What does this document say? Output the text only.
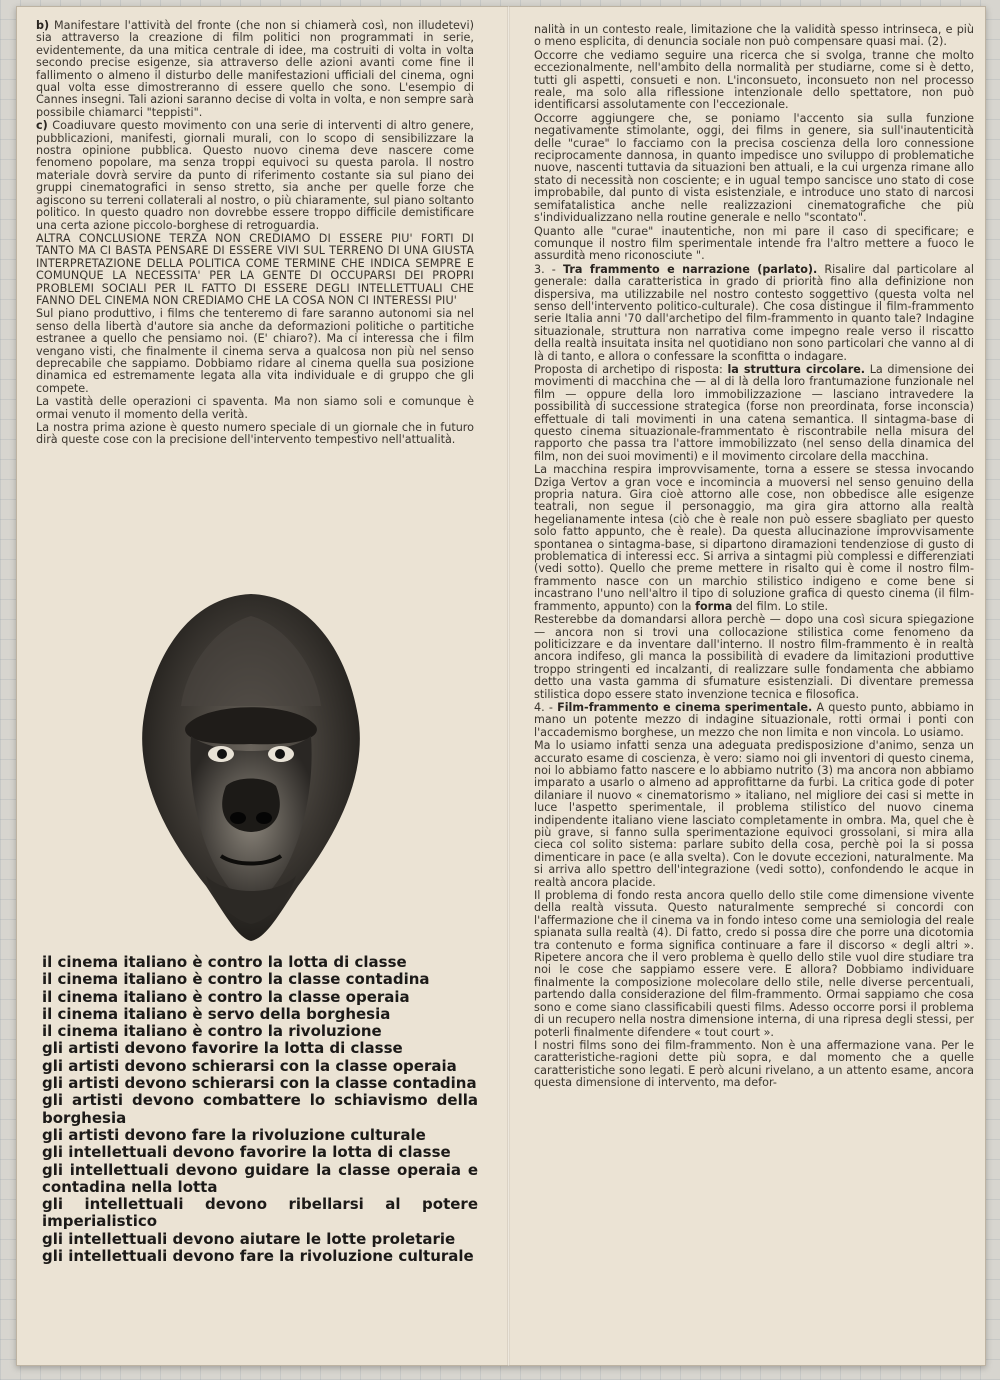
b) Manifestare l'attività del fronte (che non si chiamerà così, non illudetevi) sia attraverso la creazione di film politici non programmati in serie, evidentemente, da una mitica centrale di idee, ma costruiti di volta in volta secondo precise esigenze, sia attraverso delle azioni avanti come fine il fallimento o almeno il disturbo delle manifestazioni ufficiali del cinema, ogni qual volta esse dimostreranno di essere quello che sono. L'esempio di Cannes insegni. Tali azioni saranno decise di volta in volta, e non sempre sarà possibile chiamarci "teppisti".

c) Coadiuvare questo movimento con una serie di interventi di altro genere, pubblicazioni, manifesti, giornali murali, con lo scopo di sensibilizzare la nostra opinione pubblica. Questo nuovo cinema deve nascere come fenomeno popolare, ma senza troppi equivoci su questa parola. Il nostro materiale dovrà servire da punto di riferimento costante sia sul piano dei gruppi cinematografici in senso stretto, sia anche per quelle forze che agiscono su terreni collaterali al nostro, o più chiaramente, sul piano soltanto politico. In questo quadro non dovrebbe essere troppo difficile demistificare una certa azione piccolo-borghese di retroguardia.

ALTRA CONCLUSIONE TERZA NON CREDIAMO DI ESSERE PIU' FORTI DI TANTO MA CI BASTA PENSARE DI ESSERE VIVI SUL TERRENO DI UNA GIUSTA INTERPRETAZIONE DELLA POLITICA COME TERMINE CHE INDICA SEMPRE E COMUNQUE LA NECESSITA' PER LA GENTE DI OCCUPARSI DEI PROPRI PROBLEMI SOCIALI PER IL FATTO DI ESSERE DEGLI INTELLETTUALI CHE FANNO DEL CINEMA NON CREDIAMO CHE LA COSA NON CI INTERESSI PIU'

Sul piano produttivo, i films che tenteremo di fare saranno autonomi sia nel senso della libertà d'autore sia anche da deformazioni politiche o partitiche estranee a quello che pensiamo noi. (E' chiaro?). Ma ci interessa che i film vengano visti, che finalmente il cinema serva a qualcosa non più nel senso deprecabile che sappiamo. Dobbiamo ridare al cinema quella sua posizione dinamica ed estremamente legata alla vita individuale e di gruppo che gli compete.

La vastità delle operazioni ci spaventa. Ma non siamo soli e comunque è ormai venuto il momento della verità.

La nostra prima azione è questo numero speciale di un giornale che in futuro dirà queste cose con la precisione dell'intervento tempestivo nell'attualità.

il cinema italiano è contro la lotta di classe
il cinema italiano è contro la classe contadina
il cinema italiano è contro la classe operaia
il cinema italiano è servo della borghesia
il cinema italiano è contro la rivoluzione
gli artisti devono favorire la lotta di classe
gli artisti devono schierarsi con la classe operaia
gli artisti devono schierarsi con la classe contadina
gli artisti devono combattere lo schiavismo della borghesia
gli artisti devono fare la rivoluzione culturale
gli intellettuali devono favorire la lotta di classe
gli intellettuali devono guidare la classe operaia e contadina nella lotta
gli intellettuali devono ribellarsi al potere imperialistico
gli intellettuali devono aiutare le lotte proletarie
gli intellettuali devono fare la rivoluzione culturale

nalità in un contesto reale, limitazione che la validità spesso intrinseca, e più o meno esplicita, di denuncia sociale non può compensare quasi mai. (2).

Occorre che vediamo seguire una ricerca che si svolga, tranne che molto eccezionalmente, nell'ambito della normalità per studiarne, come si è detto, tutti gli aspetti, consueti e non. L'inconsueto, inconsueto non nel processo reale, ma solo alla riflessione intenzionale dello spettatore, non può identificarsi assolutamente con l'eccezionale.

Occorre aggiungere che, se poniamo l'accento sia sulla funzione negativamente stimolante, oggi, dei films in genere, sia sull'inautenticità delle "curae" lo facciamo con la precisa coscienza della loro connessione reciprocamente dannosa, in quanto impedisce uno sviluppo di problematiche nuove, nascenti tuttavia da situazioni ben attuali, e la cui urgenza rimane allo stato di necessità non cosciente; e in ugual tempo sancisce uno stato di cose improbabile, dal punto di vista esistenziale, e introduce uno stato di narcosi semifatalistica anche nelle realizzazioni cinematografiche che più s'individualizzano nella routine generale e nello "scontato".

Quanto alle "curae" inautentiche, non mi pare il caso di specificare; e comunque il nostro film sperimentale intende fra l'altro mettere a fuoco le assurdità meno riconosciute ".

3. - Tra frammento e narrazione (parlato). Risalire dal particolare al generale: dalla caratteristica in grado di priorità fino alla definizione non dispersiva, ma utilizzabile nel nostro contesto soggettivo (questa volta nel senso dell'intervento politico-culturale). Che cosa distingue il film-frammento serie Italia anni '70 dall'archetipo del film-frammento in quanto tale? Indagine situazionale, struttura non narrativa come impegno reale verso il riscatto della realtà insuitata insita nel quotidiano non sono particolari che vanno al di là di tanto, e allora o confessare la sconfitta o indagare.

Proposta di archetipo di risposta: la struttura circolare. La dimensione dei movimenti di macchina che — al di là della loro frantumazione funzionale nel film — oppure della loro immobilizzazione — lasciano intravedere la possibilità di successione strategica (forse non preordinata, forse inconscia) effettuale di tali movimenti in una catena semantica. Il sintagma-base di questo cinema situazionale-frammentato è riscontrabile nella misura del rapporto che passa tra l'attore immobilizzato (nel senso della dinamica del film, non dei suoi movimenti) e il movimento circolare della macchina.

La macchina respira improvvisamente, torna a essere se stessa invocando Dziga Vertov a gran voce e incomincia a muoversi nel senso genuino della propria natura. Gira cioè attorno alle cose, non obbedisce alle esigenze teatrali, non segue il personaggio, ma gira gira attorno alla realtà hegelianamente intesa (ciò che è reale non può essere sbagliato per questo solo fatto appunto, che è reale). Da questa allucinazione improvvisamente spontanea o sintagma-base, si dipartono diramazioni tendenziose di gusto di problematica di interessi ecc. Si arriva a sintagmi più complessi e differenziati (vedi sotto). Quello che preme mettere in risalto qui è come il nostro film-frammento nasce con un marchio stilistico indigeno e come bene si incastrano l'uno nell'altro il tipo di soluzione grafica di questo cinema (il film-frammento, appunto) con la forma del film. Lo stile.

Resterebbe da domandarsi allora perchè — dopo una così sicura spiegazione — ancora non si trovi una collocazione stilistica come fenomeno da politicizzare e da inventare dall'interno. Il nostro film-frammento è in realtà ancora indifeso, gli manca la possibilità di evadere da limitazioni produttive troppo stringenti ed incalzanti, di realizzare sulle fondamenta che abbiamo detto una vasta gamma di sfumature esistenziali. Di diventare premessa stilistica dopo essere stato invenzione tecnica e filosofica.

4. - Film-frammento e cinema sperimentale. A questo punto, abbiamo in mano un potente mezzo di indagine situazionale, rotti ormai i ponti con l'accademismo borghese, un mezzo che non limita e non vincola. Lo usiamo.

Ma lo usiamo infatti senza una adeguata predisposizione d'animo, senza un accurato esame di coscienza, è vero: siamo noi gli inventori di questo cinema, noi lo abbiamo fatto nascere e lo abbiamo nutrito (3) ma ancora non abbiamo imparato a usarlo o almeno ad approfittarne da furbi. La critica gode di poter dilaniare il nuovo « cinematorismo » italiano, nel migliore dei casi si mette in luce l'aspetto sperimentale, il problema stilistico del nuovo cinema indipendente italiano viene lasciato completamente in ombra. Ma, quel che è più grave, si fanno sulla sperimentazione equivoci grossolani, si mira alla cieca col solito sistema: parlare subito della cosa, perchè poi la si possa dimenticare in pace (e alla svelta). Con le dovute eccezioni, naturalmente. Ma si arriva allo spettro dell'integrazione (vedi sotto), confondendo le acque in realtà ancora placide.

Il problema di fondo resta ancora quello dello stile come dimensione vivente della realtà vissuta. Questo naturalmente sempreché si concordi con l'affermazione che il cinema va in fondo inteso come una semiologia del reale spianata sulla realtà (4). Di fatto, credo si possa dire che porre una dicotomia tra contenuto e forma significa continuare a fare il discorso « degli altri ». Ripetere ancora che il vero problema è quello dello stile vuol dire studiare tra noi le cose che sappiamo essere vere. E allora? Dobbiamo individuare finalmente la composizione molecolare dello stile, nelle diverse percentuali, partendo dalla considerazione del film-frammento. Ormai sappiamo che cosa sono e come siano classificabili questi films. Adesso occorre porsi il problema di un recupero nella nostra dimensione interna, di una ripresa degli stessi, per poterli finalmente difendere « tout court ».

I nostri films sono dei film-frammento. Non è una affermazione vana. Per le caratteristiche-ragioni dette più sopra, e dal momento che a quelle caratteristiche sono legati. E però alcuni rivelano, a un attento esame, ancora questa dimensione di intervento, ma defor-
